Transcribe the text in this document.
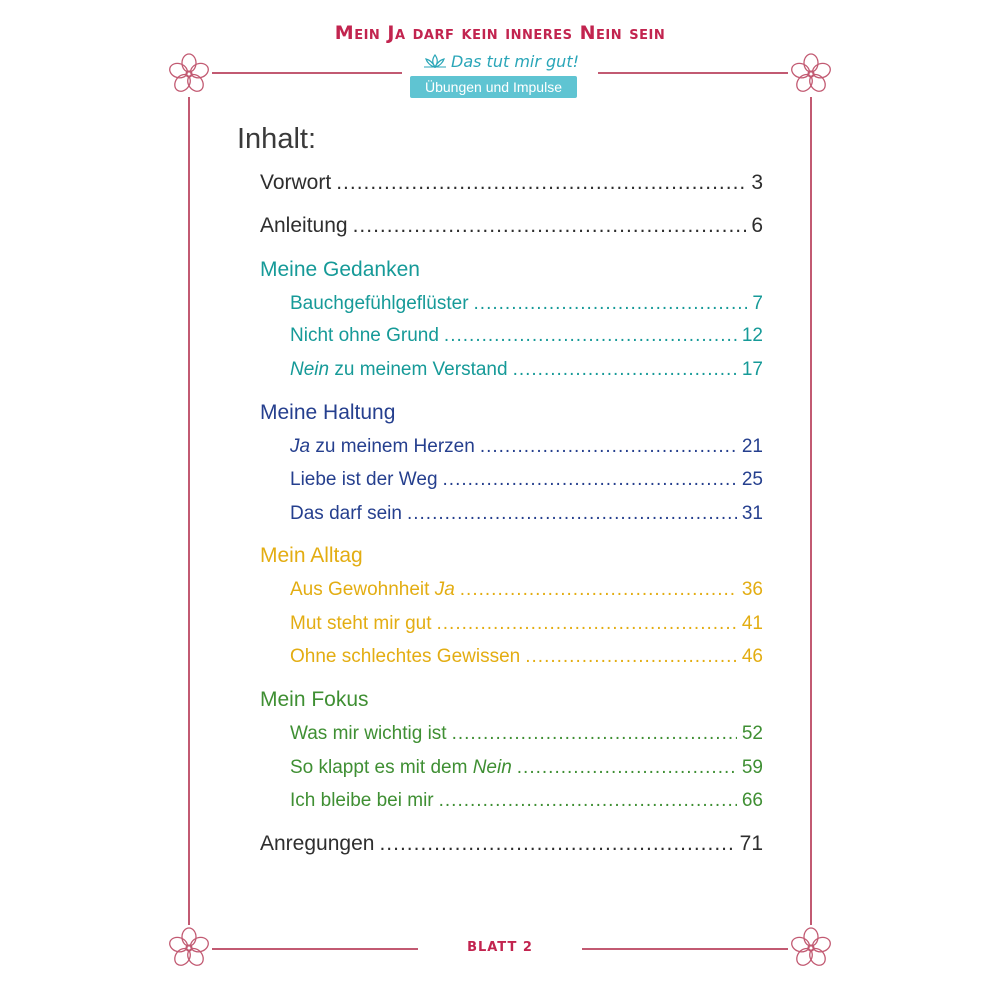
Mein Ja darf kein inneres Nein sein
Das tut mir gut!
Übungen und Impulse
Inhalt:
Vorwort .....	3
Anleitung .....	6
Meine Gedanken
Bauchgefühlgeflüster .....	7
Nicht ohne Grund .....	12
Nein zu meinem Verstand .....	17
Meine Haltung
Ja zu meinem Herzen .....	21
Liebe ist der Weg .....	25
Das darf sein .....	31
Mein Alltag
Aus Gewohnheit Ja .....	36
Mut steht mir gut .....	41
Ohne schlechtes Gewissen .....	46
Mein Fokus
Was mir wichtig ist .....	52
So klappt es mit dem Nein .....	59
Ich bleibe bei mir .....	66
Anregungen .....	71
BLATT 2
